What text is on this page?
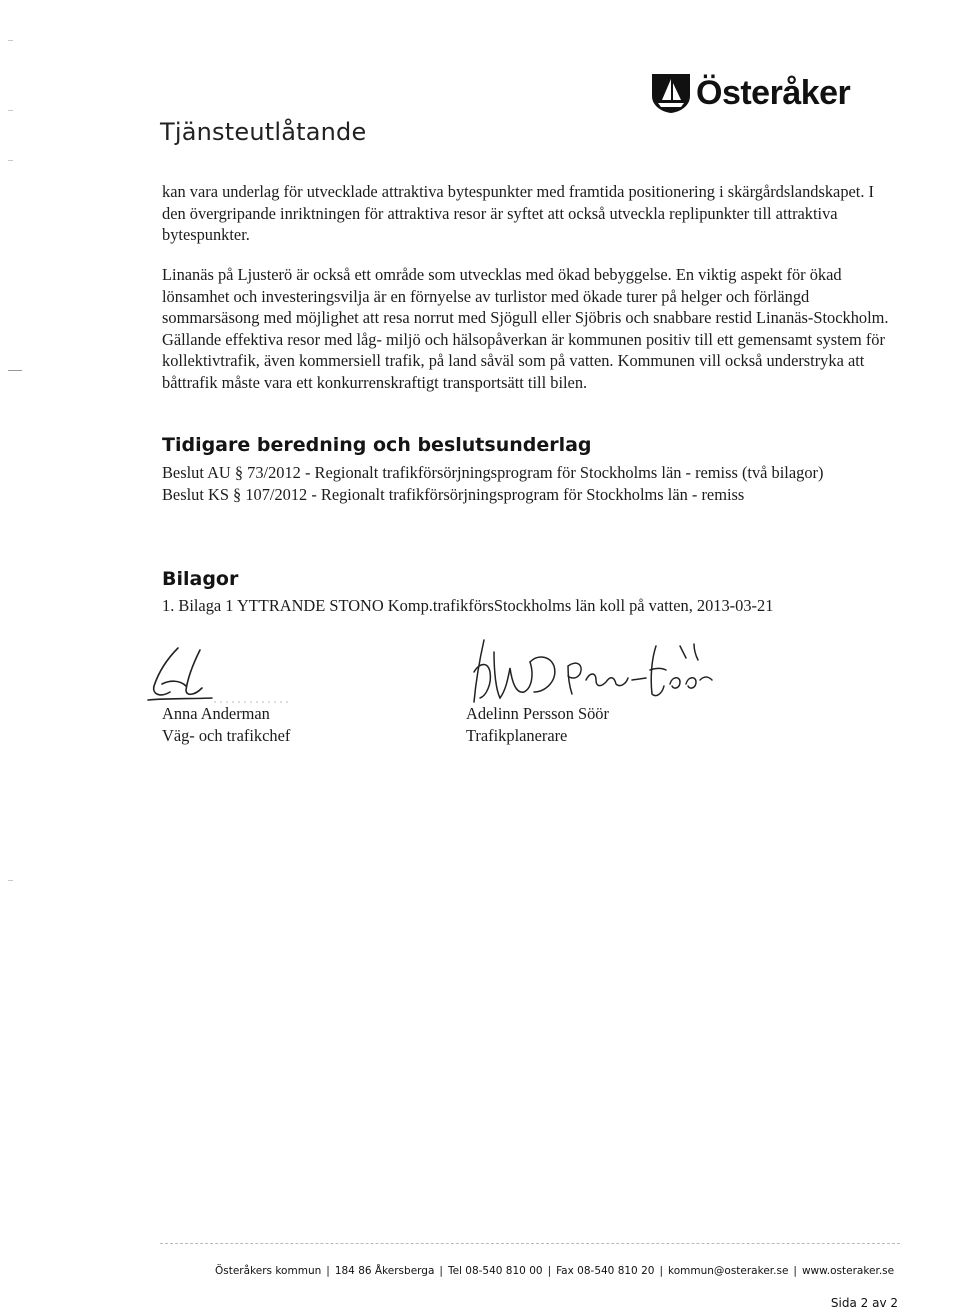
Österåker
Tjänsteutlåtande

kan vara underlag för utvecklade attraktiva bytespunkter med framtida positionering i skärgårdslandskapet. I den övergripande inriktningen för attraktiva resor är syftet att också utveckla replipunkter till attraktiva bytespunkter.

Linanäs på Ljusterö är också ett område som utvecklas med ökad bebyggelse. En viktig aspekt för ökad lönsamhet och investeringsvilja är en förnyelse av turlistor med ökade turer på helger och förlängd sommarsäsong med möjlighet att resa norrut med Sjögull eller Sjöbris och snabbare restid Linanäs-Stockholm. Gällande effektiva resor med låg- miljö och hälsopåverkan är kommunen positiv till ett gemensamt system för kollektivtrafik, även kommersiell trafik, på land såväl som på vatten. Kommunen vill också understryka att båttrafik måste vara ett konkurrenskraftigt transportsätt till bilen.

Tidigare beredning och beslutsunderlag

Beslut AU § 73/2012 - Regionalt trafikförsörjningsprogram för Stockholms län - remiss (två bilagor)

Beslut KS § 107/2012 - Regionalt trafikförsörjningsprogram för Stockholms län - remiss

Bilagor

1. Bilaga 1 YTTRANDE STONO Komp.trafikförsStockholms län koll på vatten, 2013-03-21

Anna Anderman
Väg- och trafikchef
Adelinn Persson Söör
Trafikplanerare
Österåkers kommun | 184 86 Åkersberga | Tel 08-540 810 00 | Fax 08-540 810 20 | kommun@osteraker.se | www.osteraker.se
Sida 2 av 2
